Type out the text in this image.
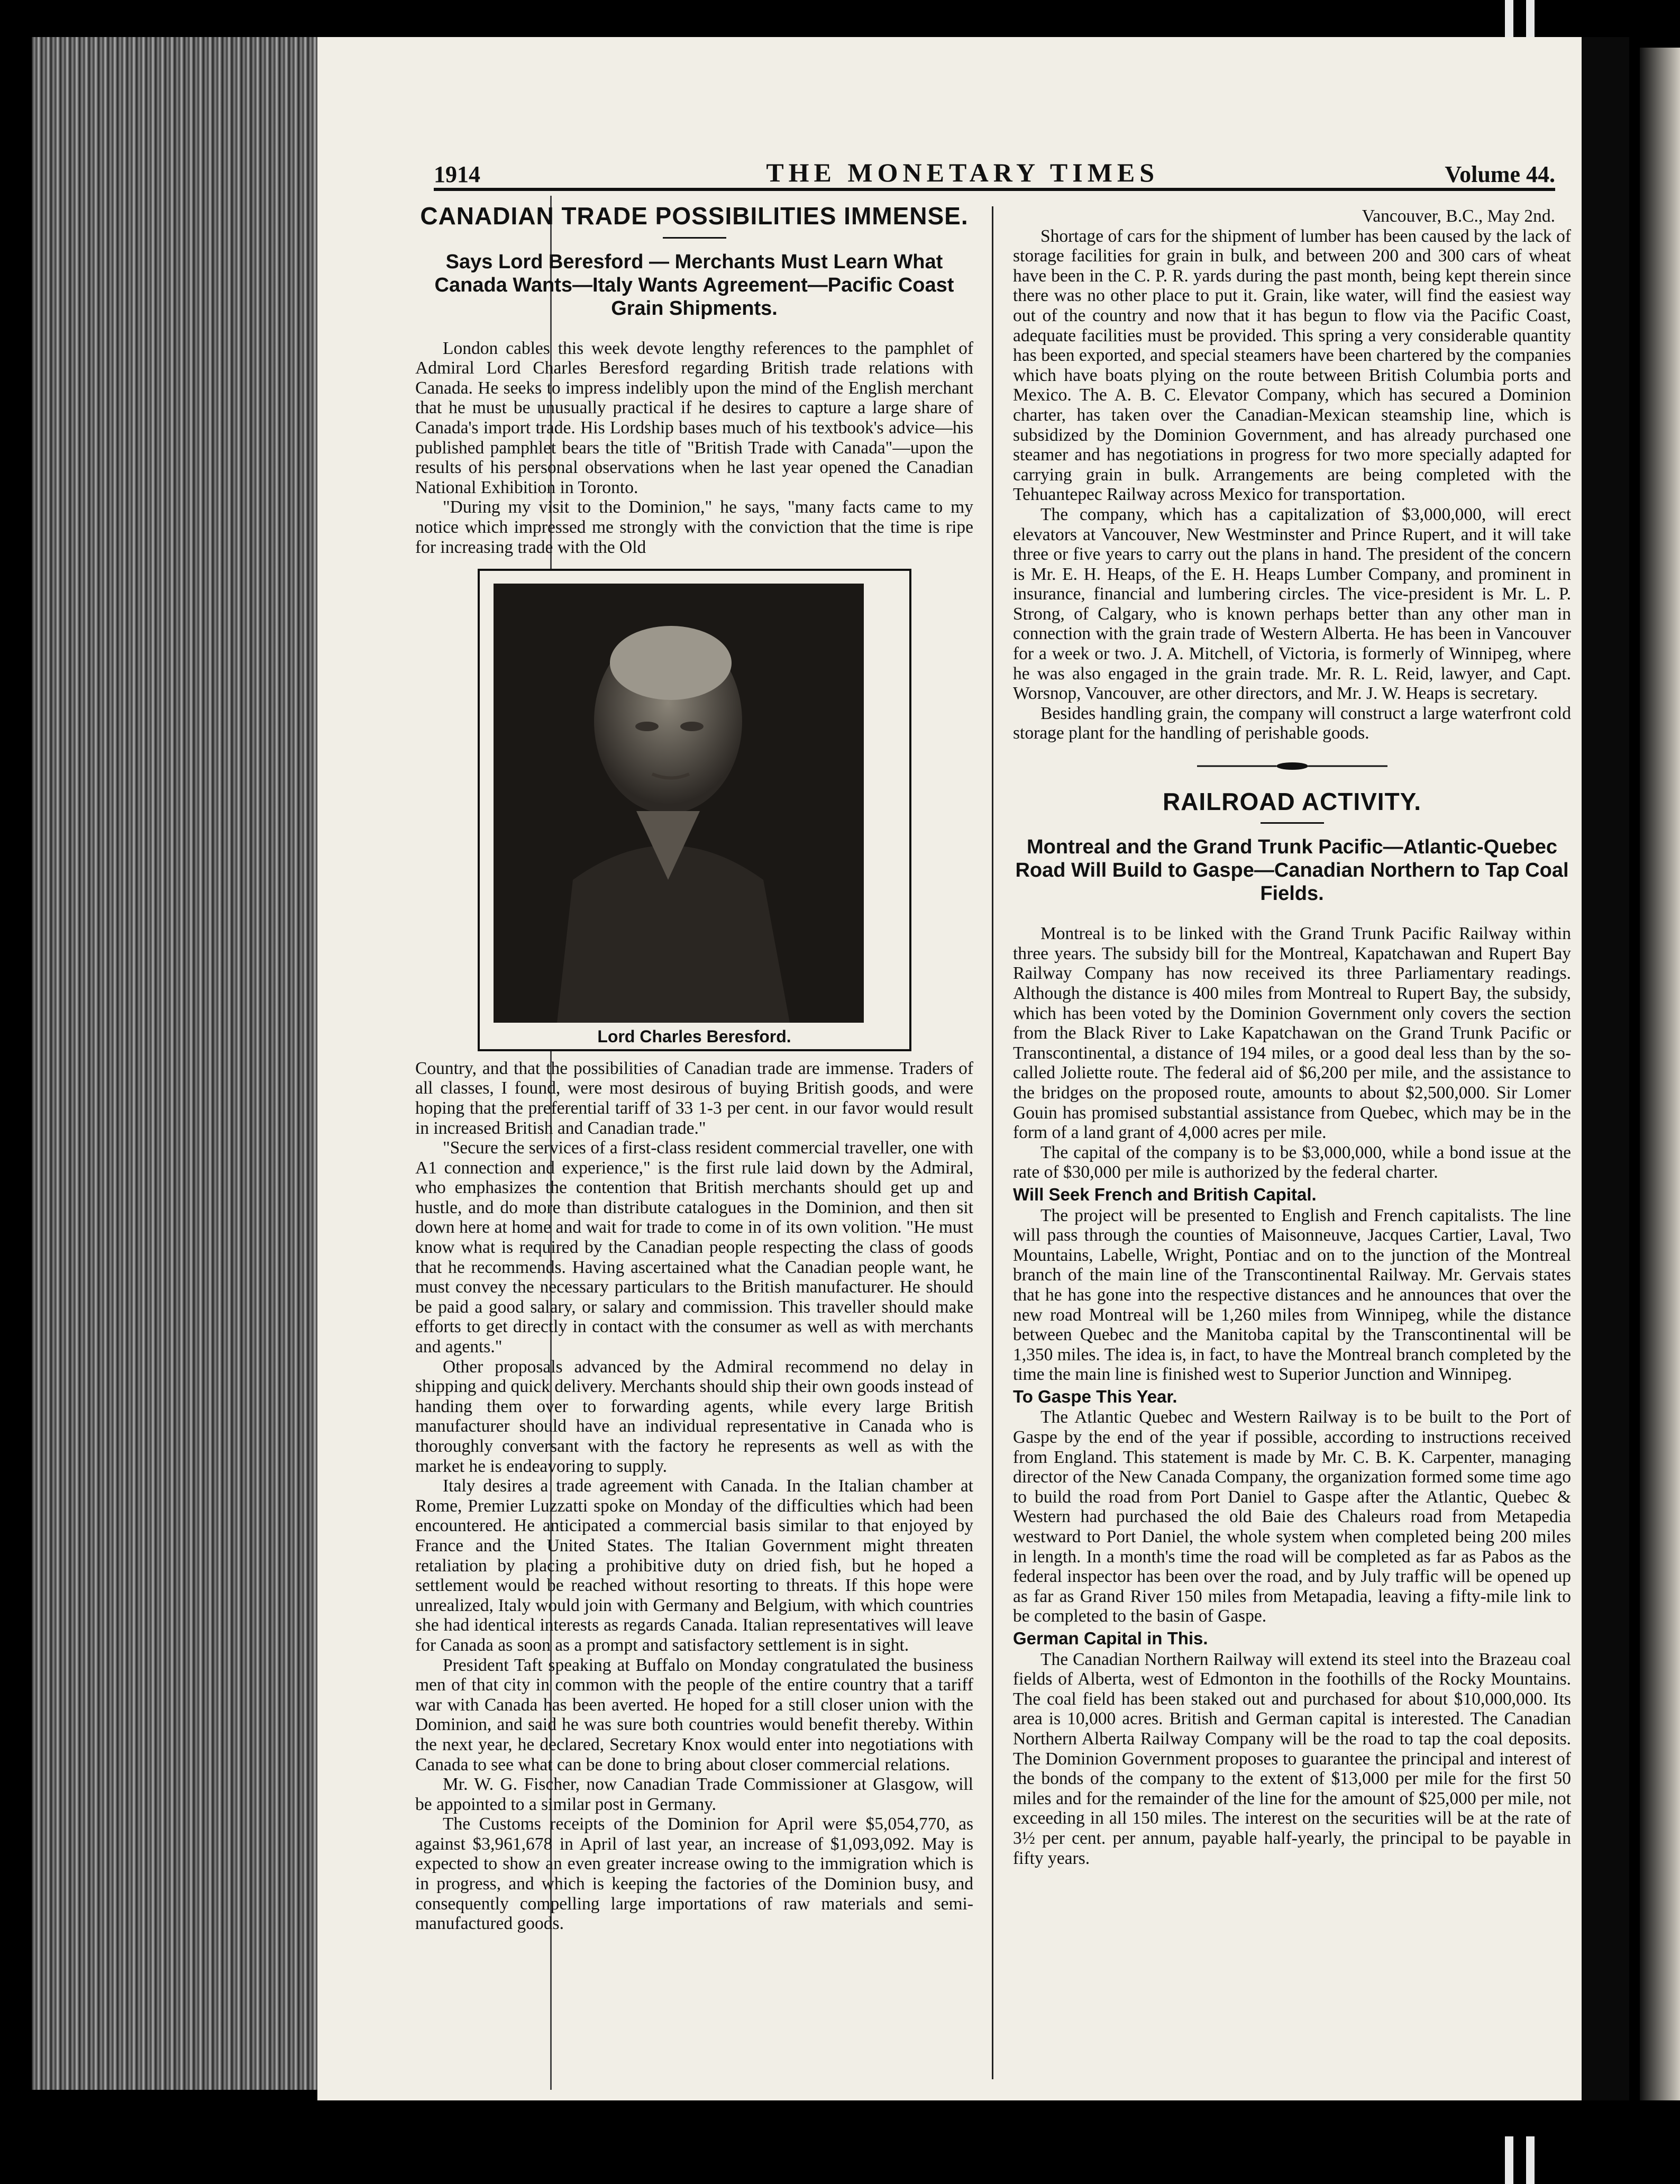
1914	THE MONETARY TIMES	Volume 44.
CANADIAN TRADE POSSIBILITIES IMMENSE.
Says Lord Beresford — Merchants Must Learn What Canada Wants—Italy Wants Agreement—Pacific Coast Grain Shipments.

London cables this week devote lengthy references to the pamphlet of Admiral Lord Charles Beresford regarding British trade relations with Canada. He seeks to impress indelibly upon the mind of the English merchant that he must be unusually practical if he desires to capture a large share of Canada's import trade. His Lordship bases much of his textbook's advice—his published pamphlet bears the title of "British Trade with Canada"—upon the results of his personal observations when he last year opened the Canadian National Exhibition in Toronto.

"During my visit to the Dominion," he says, "many facts came to my notice which impressed me strongly with the conviction that the time is ripe for increasing trade with the Old

Lord Charles Beresford.

Country, and that the possibilities of Canadian trade are immense. Traders of all classes, I found, were most desirous of buying British goods, and were hoping that the preferential tariff of 33 1-3 per cent. in our favor would result in increased British and Canadian trade."

"Secure the services of a first-class resident commercial traveller, one with A1 connection and experience," is the first rule laid down by the Admiral, who emphasizes the contention that British merchants should get up and hustle, and do more than distribute catalogues in the Dominion, and then sit down here at home and wait for trade to come in of its own volition. "He must know what is required by the Canadian people respecting the class of goods that he recommends. Having ascertained what the Canadian people want, he must convey the necessary particulars to the British manufacturer. He should be paid a good salary, or salary and commission. This traveller should make efforts to get directly in contact with the consumer as well as with merchants and agents."

Other proposals advanced by the Admiral recommend no delay in shipping and quick delivery. Merchants should ship their own goods instead of handing them over to forwarding agents, while every large British manufacturer should have an individual representative in Canada who is thoroughly conversant with the factory he represents as well as with the market he is endeavoring to supply.

Italy desires a trade agreement with Canada. In the Italian chamber at Rome, Premier Luzzatti spoke on Monday of the difficulties which had been encountered. He anticipated a commercial basis similar to that enjoyed by France and the United States. The Italian Government might threaten retaliation by placing a prohibitive duty on dried fish, but he hoped a settlement would be reached without resorting to threats. If this hope were unrealized, Italy would join with Germany and Belgium, with which countries she had identical interests as regards Canada. Italian representatives will leave for Canada as soon as a prompt and satisfactory settlement is in sight.

President Taft speaking at Buffalo on Monday congratulated the business men of that city in common with the people of the entire country that a tariff war with Canada has been averted. He hoped for a still closer union with the Dominion, and said he was sure both countries would benefit thereby. Within the next year, he declared, Secretary Knox would enter into negotiations with Canada to see what can be done to bring about closer commercial relations.

Mr. W. G. Fischer, now Canadian Trade Commissioner at Glasgow, will be appointed to a similar post in Germany.

The Customs receipts of the Dominion for April were $5,054,770, as against $3,961,678 in April of last year, an increase of $1,093,092. May is expected to show an even greater increase owing to the immigration which is in progress, and which is keeping the factories of the Dominion busy, and consequently compelling large importations of raw materials and semi-manufactured goods.

Vancouver, B.C., May 2nd.

Shortage of cars for the shipment of lumber has been caused by the lack of storage facilities for grain in bulk, and between 200 and 300 cars of wheat have been in the C. P. R. yards during the past month, being kept therein since there was no other place to put it. Grain, like water, will find the easiest way out of the country and now that it has begun to flow via the Pacific Coast, adequate facilities must be provided. This spring a very considerable quantity has been exported, and special steamers have been chartered by the companies which have boats plying on the route between British Columbia ports and Mexico. The A. B. C. Elevator Company, which has secured a Dominion charter, has taken over the Canadian-Mexican steamship line, which is subsidized by the Dominion Government, and has already purchased one steamer and has negotiations in progress for two more specially adapted for carrying grain in bulk. Arrangements are being completed with the Tehuantepec Railway across Mexico for transportation.

The company, which has a capitalization of $3,000,000, will erect elevators at Vancouver, New Westminster and Prince Rupert, and it will take three or five years to carry out the plans in hand. The president of the concern is Mr. E. H. Heaps, of the E. H. Heaps Lumber Company, and prominent in insurance, financial and lumbering circles. The vice-president is Mr. L. P. Strong, of Calgary, who is known perhaps better than any other man in connection with the grain trade of Western Alberta. He has been in Vancouver for a week or two. J. A. Mitchell, of Victoria, is formerly of Winnipeg, where he was also engaged in the grain trade. Mr. R. L. Reid, lawyer, and Capt. Worsnop, Vancouver, are other directors, and Mr. J. W. Heaps is secretary.

Besides handling grain, the company will construct a large waterfront cold storage plant for the handling of perishable goods.

RAILROAD ACTIVITY.
Montreal and the Grand Trunk Pacific—Atlantic-Quebec Road Will Build to Gaspe—Canadian Northern to Tap Coal Fields.

Montreal is to be linked with the Grand Trunk Pacific Railway within three years. The subsidy bill for the Montreal, Kapatchawan and Rupert Bay Railway Company has now received its three Parliamentary readings. Although the distance is 400 miles from Montreal to Rupert Bay, the subsidy, which has been voted by the Dominion Government only covers the section from the Black River to Lake Kapatchawan on the Grand Trunk Pacific or Transcontinental, a distance of 194 miles, or a good deal less than by the so-called Joliette route. The federal aid of $6,200 per mile, and the assistance to the bridges on the proposed route, amounts to about $2,500,000. Sir Lomer Gouin has promised substantial assistance from Quebec, which may be in the form of a land grant of 4,000 acres per mile.

The capital of the company is to be $3,000,000, while a bond issue at the rate of $30,000 per mile is authorized by the federal charter.

Will Seek French and British Capital.

The project will be presented to English and French capitalists. The line will pass through the counties of Maisonneuve, Jacques Cartier, Laval, Two Mountains, Labelle, Wright, Pontiac and on to the junction of the Montreal branch of the main line of the Transcontinental Railway. Mr. Gervais states that he has gone into the respective distances and he announces that over the new road Montreal will be 1,260 miles from Winnipeg, while the distance between Quebec and the Manitoba capital by the Transcontinental will be 1,350 miles. The idea is, in fact, to have the Montreal branch completed by the time the main line is finished west to Superior Junction and Winnipeg.

To Gaspe This Year.

The Atlantic Quebec and Western Railway is to be built to the Port of Gaspe by the end of the year if possible, according to instructions received from England. This statement is made by Mr. C. B. K. Carpenter, managing director of the New Canada Company, the organization formed some time ago to build the road from Port Daniel to Gaspe after the Atlantic, Quebec & Western had purchased the old Baie des Chaleurs road from Metapedia westward to Port Daniel, the whole system when completed being 200 miles in length. In a month's time the road will be completed as far as Pabos as the federal inspector has been over the road, and by July traffic will be opened up as far as Grand River 150 miles from Metapadia, leaving a fifty-mile link to be completed to the basin of Gaspe.

German Capital in This.

The Canadian Northern Railway will extend its steel into the Brazeau coal fields of Alberta, west of Edmonton in the foothills of the Rocky Mountains. The coal field has been staked out and purchased for about $10,000,000. Its area is 10,000 acres. British and German capital is interested. The Canadian Northern Alberta Railway Company will be the road to tap the coal deposits. The Dominion Government proposes to guarantee the principal and interest of the bonds of the company to the extent of $13,000 per mile for the first 50 miles and for the remainder of the line for the amount of $25,000 per mile, not exceeding in all 150 miles. The interest on the securities will be at the rate of 3½ per cent. per annum, payable half-yearly, the principal to be payable in fifty years.
